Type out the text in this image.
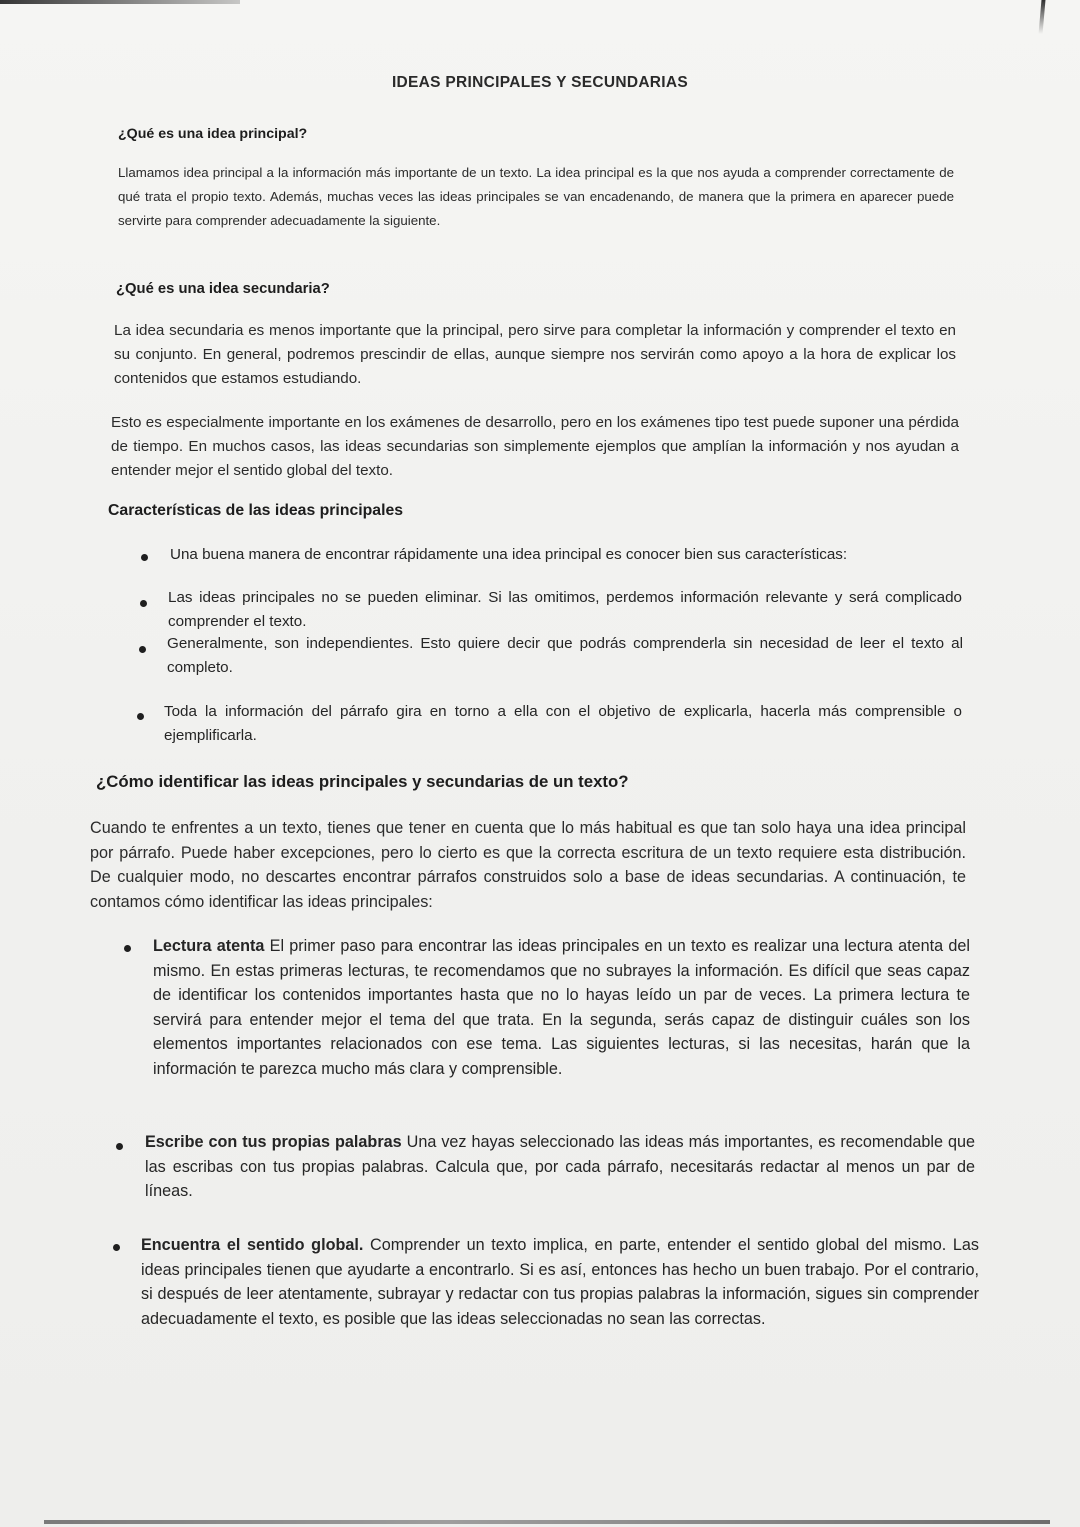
IDEAS PRINCIPALES Y SECUNDARIAS
¿Qué es una idea principal?
Llamamos idea principal a la información más importante de un texto. La idea principal es la que nos ayuda a comprender correctamente de qué trata el propio texto. Además, muchas veces las ideas principales se van encadenando, de manera que la primera en aparecer puede servirte para comprender adecuadamente la siguiente.
¿Qué es una idea secundaria?
La idea secundaria es menos importante que la principal, pero sirve para completar la información y comprender el texto en su conjunto. En general, podremos prescindir de ellas, aunque siempre nos servirán como apoyo a la hora de explicar los contenidos que estamos estudiando.
Esto es especialmente importante en los exámenes de desarrollo, pero en los exámenes tipo test puede suponer una pérdida de tiempo. En muchos casos, las ideas secundarias son simplemente ejemplos que amplían la información y nos ayudan a entender mejor el sentido global del texto.
Características de las ideas principales
Una buena manera de encontrar rápidamente una idea principal es conocer bien sus características:
Las ideas principales no se pueden eliminar. Si las omitimos, perdemos información relevante y será complicado comprender el texto.
Generalmente, son independientes. Esto quiere decir que podrás comprenderla sin necesidad de leer el texto al completo.
Toda la información del párrafo gira en torno a ella con el objetivo de explicarla, hacerla más comprensible o ejemplificarla.
¿Cómo identificar las ideas principales y secundarias de un texto?
Cuando te enfrentes a un texto, tienes que tener en cuenta que lo más habitual es que tan solo haya una idea principal por párrafo. Puede haber excepciones, pero lo cierto es que la correcta escritura de un texto requiere esta distribución. De cualquier modo, no descartes encontrar párrafos construidos solo a base de ideas secundarias. A continuación, te contamos cómo identificar las ideas principales:
Lectura atenta El primer paso para encontrar las ideas principales en un texto es realizar una lectura atenta del mismo. En estas primeras lecturas, te recomendamos que no subrayes la información. Es difícil que seas capaz de identificar los contenidos importantes hasta que no lo hayas leído un par de veces. La primera lectura te servirá para entender mejor el tema del que trata. En la segunda, serás capaz de distinguir cuáles son los elementos importantes relacionados con ese tema. Las siguientes lecturas, si las necesitas, harán que la información te parezca mucho más clara y comprensible.
Escribe con tus propias palabras Una vez hayas seleccionado las ideas más importantes, es recomendable que las escribas con tus propias palabras. Calcula que, por cada párrafo, necesitarás redactar al menos un par de líneas.
Encuentra el sentido global. Comprender un texto implica, en parte, entender el sentido global del mismo. Las ideas principales tienen que ayudarte a encontrarlo. Si es así, entonces has hecho un buen trabajo. Por el contrario, si después de leer atentamente, subrayar y redactar con tus propias palabras la información, sigues sin comprender adecuadamente el texto, es posible que las ideas seleccionadas no sean las correctas.
